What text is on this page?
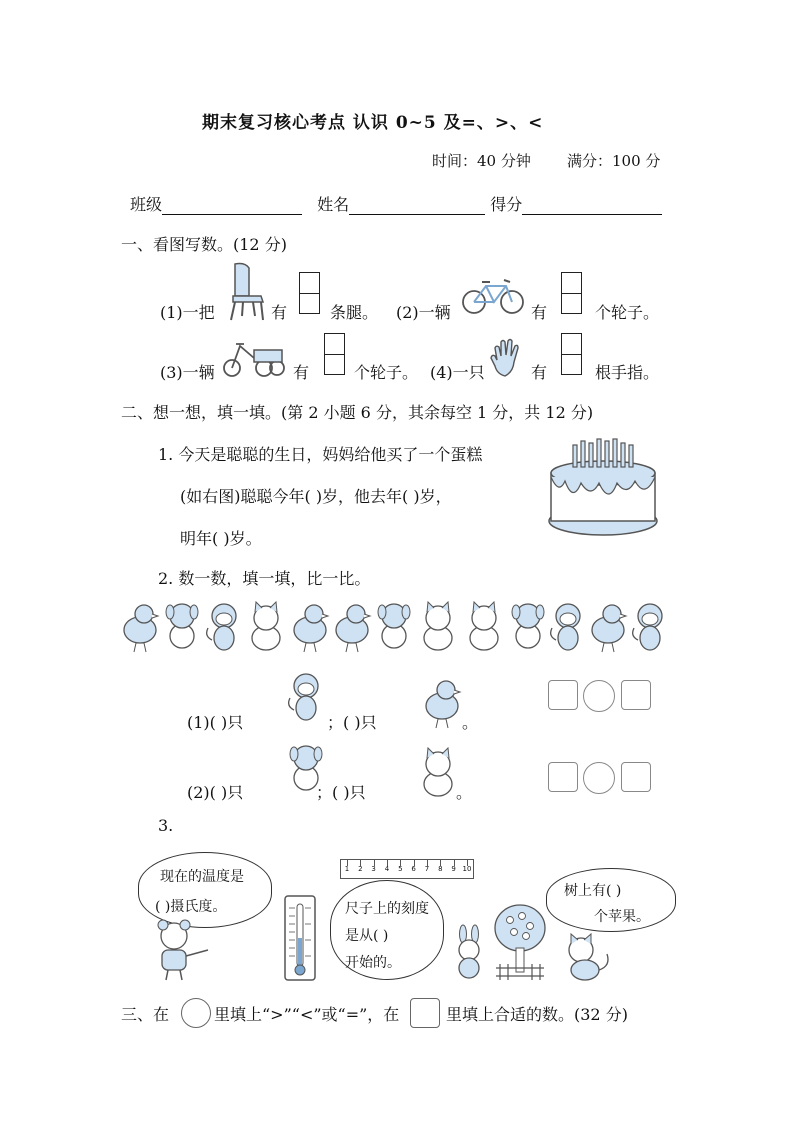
期末复习核心考点 认识 0~5 及=、>、<
时间：40 分钟 满分：100 分
班级	姓名	得分
一、看图写数。(12 分)
(1)一把	有	条腿。 (2)一辆	有	个轮子。
(3)一辆	有	个轮子。 (4)一只	有	根手指。
二、想一想，填一填。(第 2 小题 6 分，其余每空 1 分，共 12 分)
1. 今天是聪聪的生日，妈妈给他买了一个蛋糕
(如右图)聪聪今年( )岁，他去年( )岁，
明年( )岁。
2. 数一数，填一填，比一比。
(1)( )只	；( )只	。
(2)( )只	；( )只	。
3.
现在的温度是
( )摄氏度。
1 2 3 4 5 6 7 8 9 10
尺子上的刻度
是从( )
开始的。
树上有( )
个苹果。
三、在	里填上“>”“<”或“=”，在	里填上合适的数。(32 分)
